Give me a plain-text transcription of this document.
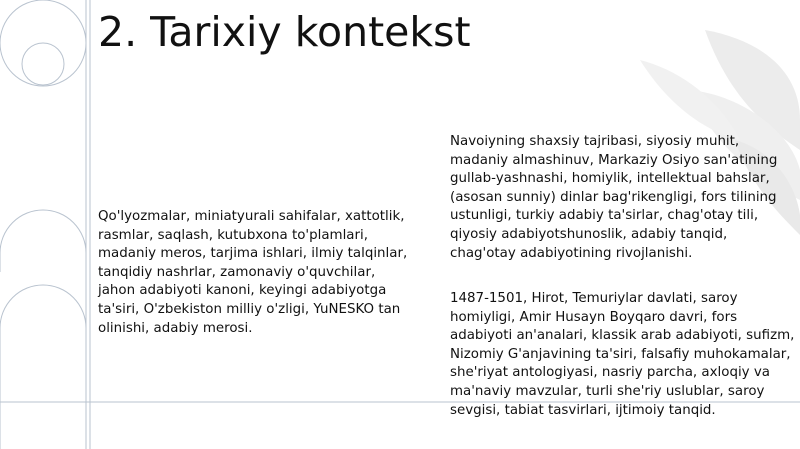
2. Tarixiy kontekst

Qo'lyozmalar, miniatyurali sahifalar, xattotlik, rasmlar, saqlash, kutubxona to'plamlari, madaniy meros, tarjima ishlari, ilmiy talqinlar, tanqidiy nashrlar, zamonaviy o'quvchilar, jahon adabiyoti kanoni, keyingi adabiyotga ta'siri, O'zbekiston milliy o'zligi, YuNESKO tan olinishi, adabiy merosi.

Navoiyning shaxsiy tajribasi, siyosiy muhit, madaniy almashinuv, Markaziy Osiyo san'atining gullab-yashnashi, homiylik, intellektual bahslar, (asosan sunniy) dinlar bag'rikengligi, fors tilining ustunligi, turkiy adabiy ta'sirlar, chag'otay tili, qiyosiy adabiyotshunoslik, adabiy tanqid, chag'otay adabiyotining rivojlanishi.

1487-1501, Hirot, Temuriylar davlati, saroy homiyligi, Amir Husayn Boyqaro davri, fors adabiyoti an'analari, klassik arab adabiyoti, sufizm, Nizomiy G'anjavining ta'siri, falsafiy muhokamalar, she'riyat antologiyasi, nasriy parcha, axloqiy va ma'naviy mavzular, turli she'riy uslublar, saroy sevgisi, tabiat tasvirlari, ijtimoiy tanqid.
